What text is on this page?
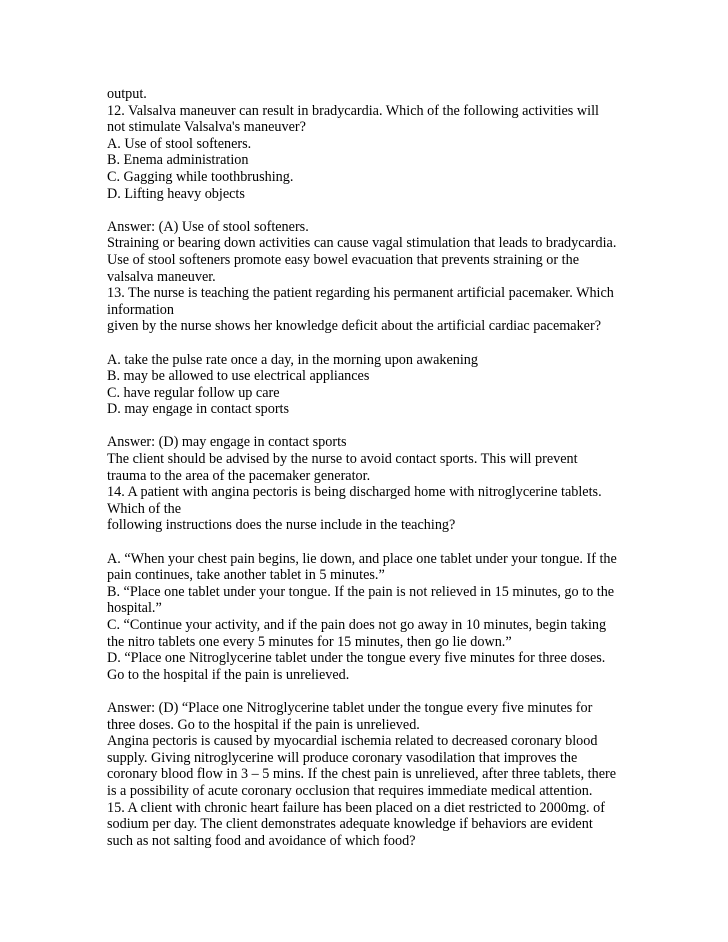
output.
12. Valsalva maneuver can result in bradycardia. Which of the following activities will
not stimulate Valsalva's maneuver?
A. Use of stool softeners.
B. Enema administration
C. Gagging while toothbrushing.
D. Lifting heavy objects
Answer: (A) Use of stool softeners.
Straining or bearing down activities can cause vagal stimulation that leads to bradycardia.
Use of stool softeners promote easy bowel evacuation that prevents straining or the
valsalva maneuver.
13. The nurse is teaching the patient regarding his permanent artificial pacemaker. Which
information
given by the nurse shows her knowledge deficit about the artificial cardiac pacemaker?
A. take the pulse rate once a day, in the morning upon awakening
B. may be allowed to use electrical appliances
C. have regular follow up care
D. may engage in contact sports
Answer: (D) may engage in contact sports
The client should be advised by the nurse to avoid contact sports. This will prevent
trauma to the area of the pacemaker generator.
14. A patient with angina pectoris is being discharged home with nitroglycerine tablets.
Which of the
following instructions does the nurse include in the teaching?
A. “When your chest pain begins, lie down, and place one tablet under your tongue. If the
pain continues, take another tablet in 5 minutes.”
B. “Place one tablet under your tongue. If the pain is not relieved in 15 minutes, go to the
hospital.”
C. “Continue your activity, and if the pain does not go away in 10 minutes, begin taking
the nitro tablets one every 5 minutes for 15 minutes, then go lie down.”
D. “Place one Nitroglycerine tablet under the tongue every five minutes for three doses.
Go to the hospital if the pain is unrelieved.
Answer: (D) “Place one Nitroglycerine tablet under the tongue every five minutes for
three doses. Go to the hospital if the pain is unrelieved.
Angina pectoris is caused by myocardial ischemia related to decreased coronary blood
supply. Giving nitroglycerine will produce coronary vasodilation that improves the
coronary blood flow in 3 – 5 mins. If the chest pain is unrelieved, after three tablets, there
is a possibility of acute coronary occlusion that requires immediate medical attention.
15. A client with chronic heart failure has been placed on a diet restricted to 2000mg. of
sodium per day. The client demonstrates adequate knowledge if behaviors are evident
such as not salting food and avoidance of which food?
